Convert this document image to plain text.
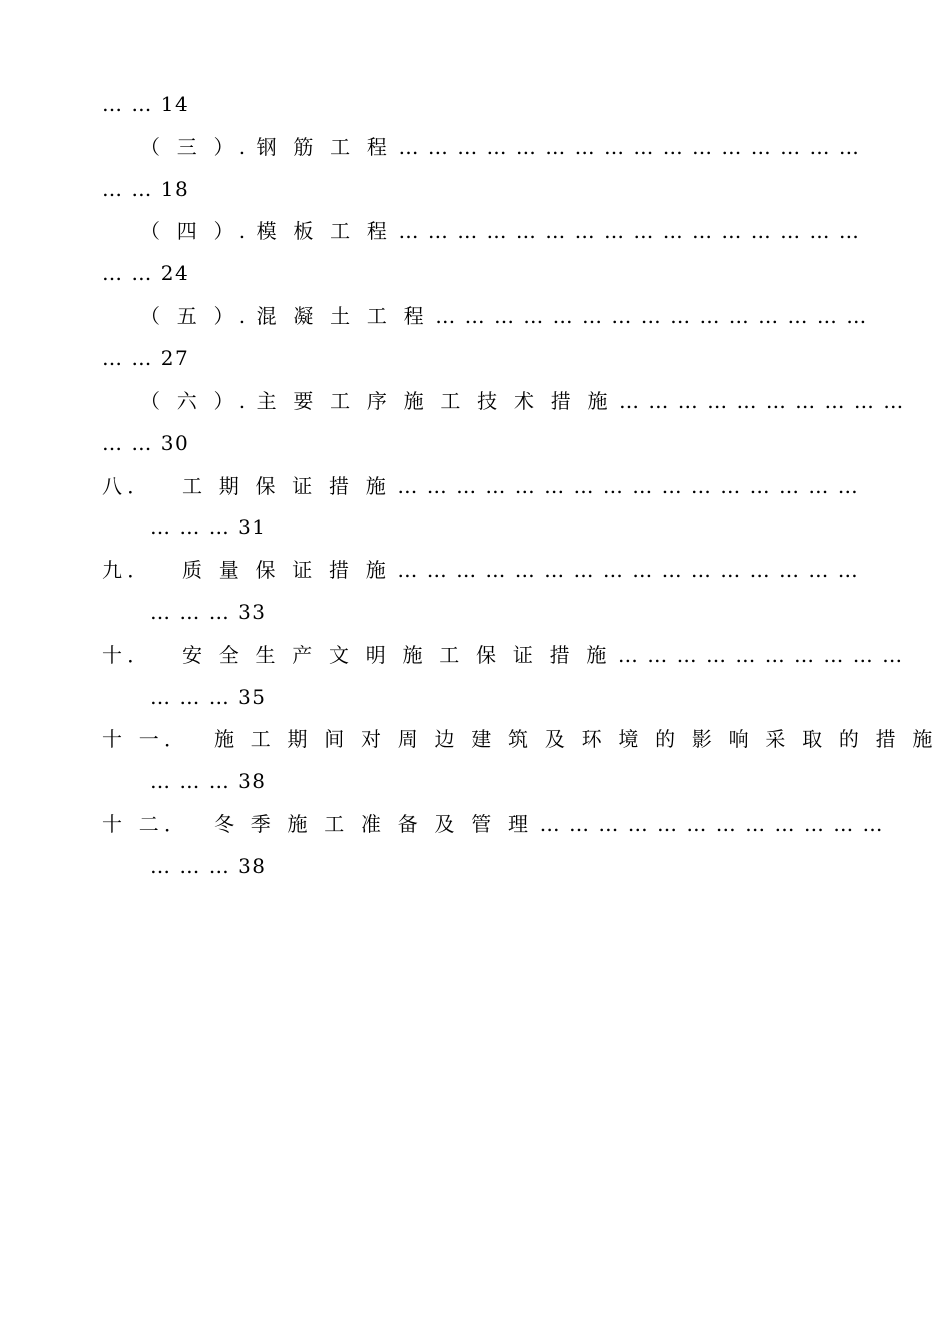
… … 14
（ 三 ）. 钢 筋 工 程 … … … … … … … … … … … … … … … …
… … 18
（ 四 ）. 模 板 工 程 … … … … … … … … … … … … … … … …
… … 24
（ 五 ）. 混 凝 土 工 程 … … … … … … … … … … … … … … …
… … 27
（ 六 ）. 主 要 工 序 施 工 技 术 措 施 … … … … … … … … … …
… … 30
八． 工 期 保 证 措 施 … … … … … … … … … … … … … … … …
… … … 31
九． 质 量 保 证 措 施 … … … … … … … … … … … … … … … …
… … … 33
十． 安 全 生 产 文 明 施 工 保 证 措 施 … … … … … … … … … …
… … … 35
十 一． 施 工 期 间 对 周 边 建 筑 及 环 境 的 影 响 采 取 的 措 施
… … … 38
十 二． 冬 季 施 工 准 备 及 管 理 … … … … … … … … … … … …
… … … 38
